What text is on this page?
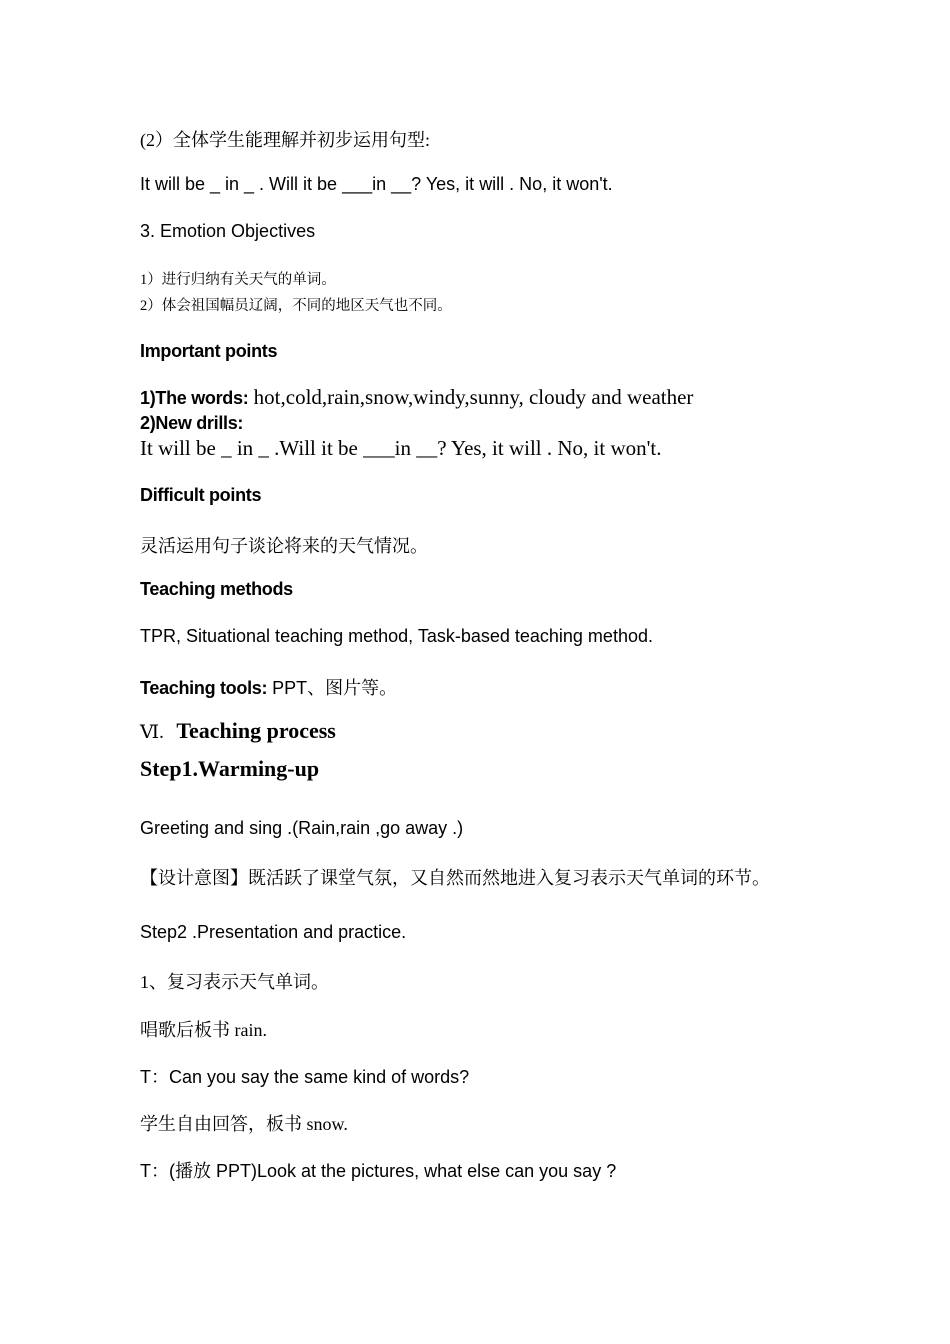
(2）全体学生能理解并初步运用句型:
It will be _ in _ . Will it be ___in __? Yes, it will . No, it won't.
3. Emotion Objectives
1）进行归纳有关天气的单词。
2）体会祖国幅员辽阔，不同的地区天气也不同。
Important points
1)The words: hot,cold,rain,snow,windy,sunny, cloudy and weather
2)New drills:
It will be _ in _ .Will it be ___in __? Yes, it will . No, it won't.
Difficult points
灵活运用句子谈论将来的天气情况。
Teaching methods
TPR, Situational teaching method, Task-based teaching method.
Teaching tools: PPT、图片等。
Ⅵ. Teaching process
Step1.Warming-up
Greeting and sing .(Rain,rain ,go away .)
【设计意图】既活跃了课堂气氛，又自然而然地进入复习表示天气单词的环节。
Step2 .Presentation and practice.
1、复习表示天气单词。
唱歌后板书 rain.
T：Can you say the same kind of words?
学生自由回答，板书 snow.
T：(播放 PPT)Look at the pictures, what else can you say ?
